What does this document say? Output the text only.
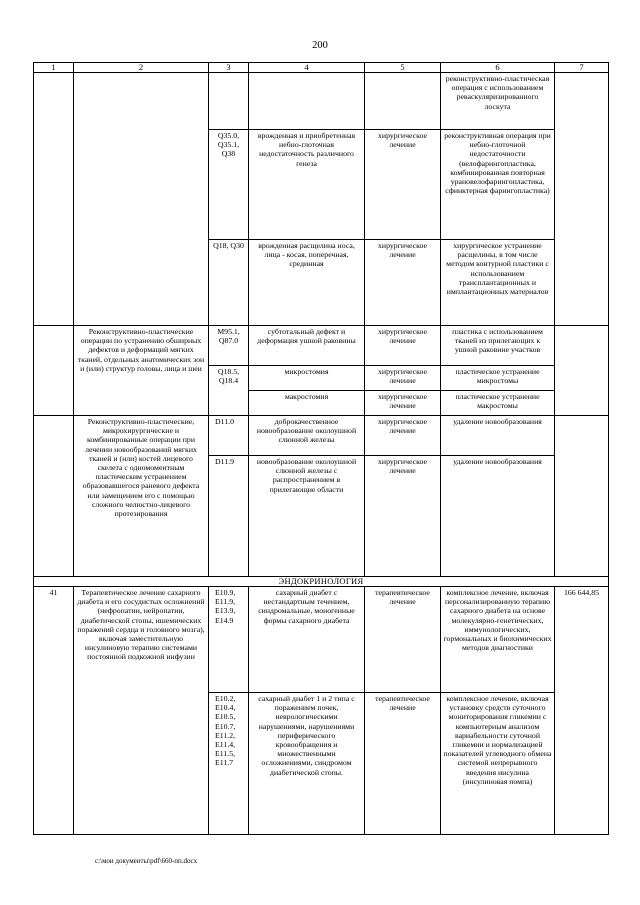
200
1	2	3	4	5	6	7
					реконструктивно-пластическая операция с использованием реваскуляризированного лоскута	
		Q35.0, Q35.1, Q38	врожденная и приобретенная небно-глоточная недостаточность различного генеза	хирургическое лечение	реконструктивная операция при небно-глоточной недостаточности (велофарингопластика, комбинированная повторная урановелофарингопластика, сфинктерная фарингопластика)	
		Q18, Q30	врожденная расщелина носа, лица - косая, поперечная, срединная	хирургическое лечение	хирургическое устранение расщелины, в том числе методом контурной пластики с использованием трансплантационных и имплантационных материалов	
	Реконструктивно-пластические операции по устранению обширных дефектов и деформаций мягких тканей, отдельных анатомических зон и (или) структур головы, лица и шеи	M95.1, Q87.0	субтотальный дефект и деформация ушной раковины	хирургическое лечение	пластика с использованием тканей из прилегающих к ушной раковине участков	
		Q18.5, Q18.4	микростомия	хирургическое лечение	пластическое устранение микростомы	
			макростомия	хирургическое лечение	пластическое устранение макростомы	
	Реконструктивно-пластические, микрохирургические и комбинированные операции при лечении новообразований мягких тканей и (или) костей лицевого скелета с одномоментным пластическим устранением образовавшегося раневого дефекта или замещением его с помощью сложного челюстно-лицевого протезирования	D11.0	доброкачественное новообразование околоушной слюнной железы	хирургическое лечение	удаление новообразования	
		D11.9	новообразование околоушной слюнной железы с распространением в прилегающие области	хирургическое лечение	удаление новообразования	
ЭНДОКРИНОЛОГИЯ						
41	Терапевтическое лечение сахарного диабета и его сосудистых осложнений (нефропатии, нейропатии, диабетической стопы, ишемических поражений сердца и головного мозга), включая заместительную инсулиновую терапию системами постоянной подкожной инфузии	E10.9, E11.9, E13.9, E14.9	сахарный диабет с нестандартным течением, синдромальные, моногенные формы сахарного диабета	терапевтическое лечение	комплексное лечение, включая персонализированную терапию сахарного диабета на основе молекулярно-генетических, иммунологических, гормональных и биохимических методов диагностики	166 644,85
		E10.2, E10.4, E10.5, E10.7, E11.2, E11.4, E11.5, E11.7	сахарный диабет 1 и 2 типа с поражением почек, неврологическими нарушениями, нарушениями периферического кровообращения и множественными осложнениями, синдромом диабетической стопы.	терапевтическое лечение	комплексное лечение, включая установку средств суточного мониторирования гликемии с компьютерным анализом вариабельности суточной гликемии и нормализацией показателей углеводного обмена системой непрерывного введения инсулина (инсулиновая помпа)	
c:\мои документы\pdf\660-пп.docx
